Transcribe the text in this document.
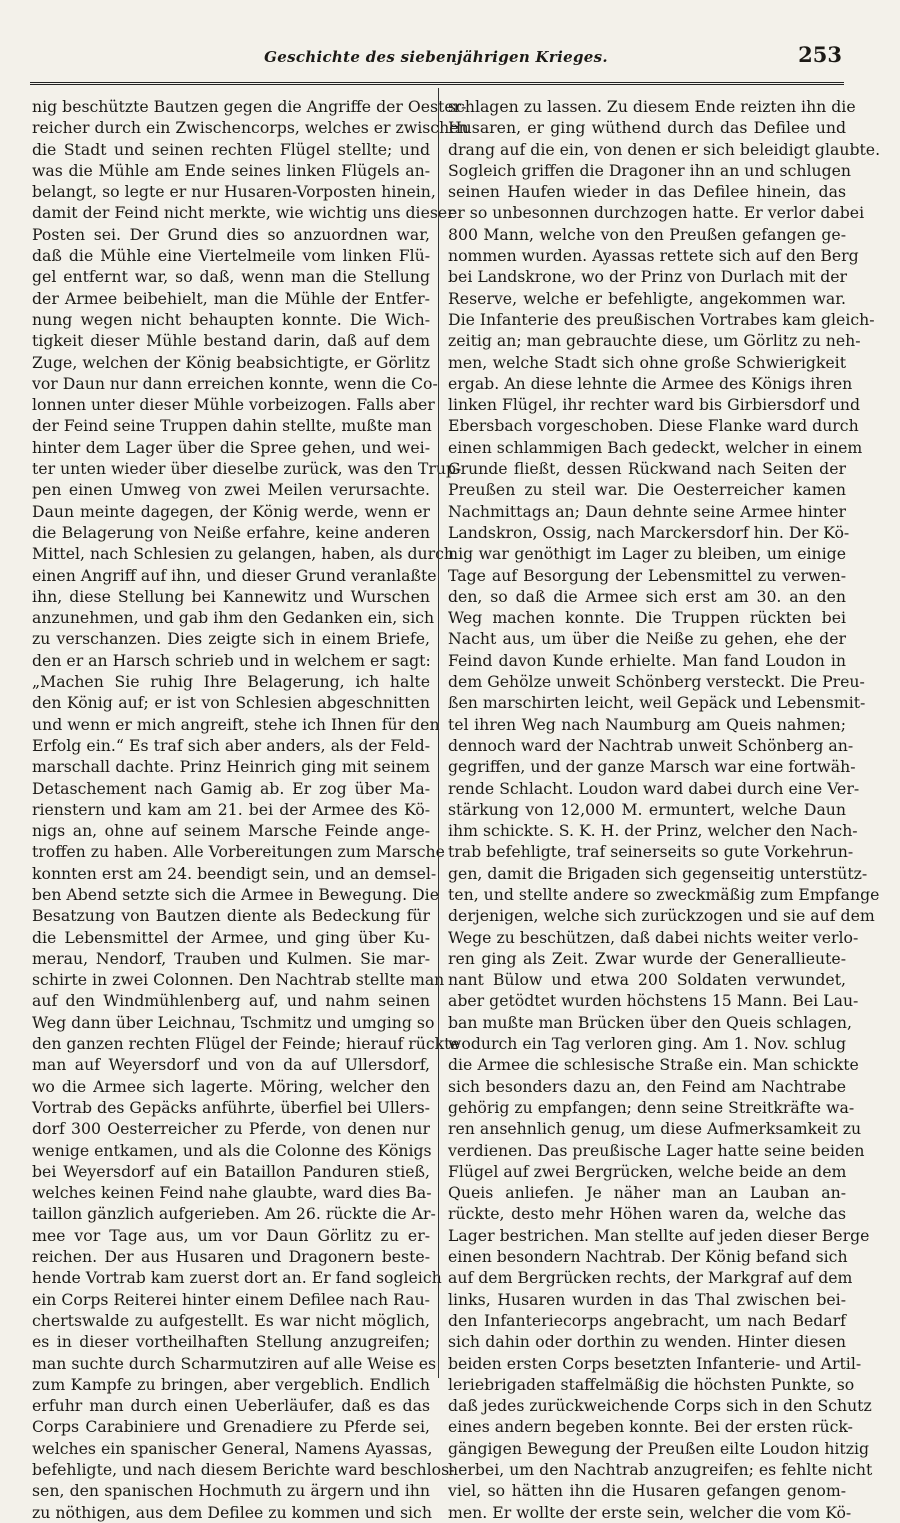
Geschichte des siebenjährigen Krieges.	253
nig beschützte Bautzen gegen die Angriffe der Oester-
reicher durch ein Zwischencorps, welches er zwischen
die Stadt und seinen rechten Flügel stellte; und
was die Mühle am Ende seines linken Flügels an-
belangt, so legte er nur Husaren-Vorposten hinein,
damit der Feind nicht merkte, wie wichtig uns dieser
Posten sei. Der Grund dies so anzuordnen war,
daß die Mühle eine Viertelmeile vom linken Flü-
gel entfernt war, so daß, wenn man die Stellung
der Armee beibehielt, man die Mühle der Entfer-
nung wegen nicht behaupten konnte. Die Wich-
tigkeit dieser Mühle bestand darin, daß auf dem
Zuge, welchen der König beabsichtigte, er Görlitz
vor Daun nur dann erreichen konnte, wenn die Co-
lonnen unter dieser Mühle vorbeizogen. Falls aber
der Feind seine Truppen dahin stellte, mußte man
hinter dem Lager über die Spree gehen, und wei-
ter unten wieder über dieselbe zurück, was den Trup-
pen einen Umweg von zwei Meilen verursachte.
Daun meinte dagegen, der König werde, wenn er
die Belagerung von Neiße erfahre, keine anderen
Mittel, nach Schlesien zu gelangen, haben, als durch
einen Angriff auf ihn, und dieser Grund veranlaßte
ihn, diese Stellung bei Kannewitz und Wurschen
anzunehmen, und gab ihm den Gedanken ein, sich
zu verschanzen. Dies zeigte sich in einem Briefe,
den er an Harsch schrieb und in welchem er sagt:
„Machen Sie ruhig Ihre Belagerung, ich halte
den König auf; er ist von Schlesien abgeschnitten
und wenn er mich angreift, stehe ich Ihnen für den
Erfolg ein.“ Es traf sich aber anders, als der Feld-
marschall dachte. Prinz Heinrich ging mit seinem
Detaschement nach Gamig ab. Er zog über Ma-
rienstern und kam am 21. bei der Armee des Kö-
nigs an, ohne auf seinem Marsche Feinde ange-
troffen zu haben. Alle Vorbereitungen zum Marsche
konnten erst am 24. beendigt sein, und an demsel-
ben Abend setzte sich die Armee in Bewegung. Die
Besatzung von Bautzen diente als Bedeckung für
die Lebensmittel der Armee, und ging über Ku-
merau, Nendorf, Trauben und Kulmen. Sie mar-
schirte in zwei Colonnen. Den Nachtrab stellte man
auf den Windmühlenberg auf, und nahm seinen
Weg dann über Leichnau, Tschmitz und umging so
den ganzen rechten Flügel der Feinde; hierauf rückte
man auf Weyersdorf und von da auf Ullersdorf,
wo die Armee sich lagerte. Möring, welcher den
Vortrab des Gepäcks anführte, überfiel bei Ullers-
dorf 300 Oesterreicher zu Pferde, von denen nur
wenige entkamen, und als die Colonne des Königs
bei Weyersdorf auf ein Bataillon Panduren stieß,
welches keinen Feind nahe glaubte, ward dies Ba-
taillon gänzlich aufgerieben. Am 26. rückte die Ar-
mee vor Tage aus, um vor Daun Görlitz zu er-
reichen. Der aus Husaren und Dragonern beste-
hende Vortrab kam zuerst dort an. Er fand sogleich
ein Corps Reiterei hinter einem Defilee nach Rau-
chertswalde zu aufgestellt. Es war nicht möglich,
es in dieser vortheilhaften Stellung anzugreifen;
man suchte durch Scharmutziren auf alle Weise es
zum Kampfe zu bringen, aber vergeblich. Endlich
erfuhr man durch einen Ueberläufer, daß es das
Corps Carabiniere und Grenadiere zu Pferde sei,
welches ein spanischer General, Namens Ayassas,
befehligte, und nach diesem Berichte ward beschlos-
sen, den spanischen Hochmuth zu ärgern und ihn
zu nöthigen, aus dem Defilee zu kommen und sich
schlagen zu lassen. Zu diesem Ende reizten ihn die
Husaren, er ging wüthend durch das Defilee und
drang auf die ein, von denen er sich beleidigt glaubte.
Sogleich griffen die Dragoner ihn an und schlugen
seinen Haufen wieder in das Defilee hinein, das
er so unbesonnen durchzogen hatte. Er verlor dabei
800 Mann, welche von den Preußen gefangen ge-
nommen wurden. Ayassas rettete sich auf den Berg
bei Landskrone, wo der Prinz von Durlach mit der
Reserve, welche er befehligte, angekommen war.
Die Infanterie des preußischen Vortrabes kam gleich-
zeitig an; man gebrauchte diese, um Görlitz zu neh-
men, welche Stadt sich ohne große Schwierigkeit
ergab. An diese lehnte die Armee des Königs ihren
linken Flügel, ihr rechter ward bis Girbiersdorf und
Ebersbach vorgeschoben. Diese Flanke ward durch
einen schlammigen Bach gedeckt, welcher in einem
Grunde fließt, dessen Rückwand nach Seiten der
Preußen zu steil war. Die Oesterreicher kamen
Nachmittags an; Daun dehnte seine Armee hinter
Landskron, Ossig, nach Marckersdorf hin. Der Kö-
nig war genöthigt im Lager zu bleiben, um einige
Tage auf Besorgung der Lebensmittel zu verwen-
den, so daß die Armee sich erst am 30. an den
Weg machen konnte. Die Truppen rückten bei
Nacht aus, um über die Neiße zu gehen, ehe der
Feind davon Kunde erhielte. Man fand Loudon in
dem Gehölze unweit Schönberg versteckt. Die Preu-
ßen marschirten leicht, weil Gepäck und Lebensmit-
tel ihren Weg nach Naumburg am Queis nahmen;
dennoch ward der Nachtrab unweit Schönberg an-
gegriffen, und der ganze Marsch war eine fortwäh-
rende Schlacht. Loudon ward dabei durch eine Ver-
stärkung von 12,000 M. ermuntert, welche Daun
ihm schickte. S. K. H. der Prinz, welcher den Nach-
trab befehligte, traf seinerseits so gute Vorkehrun-
gen, damit die Brigaden sich gegenseitig unterstütz-
ten, und stellte andere so zweckmäßig zum Empfange
derjenigen, welche sich zurückzogen und sie auf dem
Wege zu beschützen, daß dabei nichts weiter verlo-
ren ging als Zeit. Zwar wurde der Generallieute-
nant Bülow und etwa 200 Soldaten verwundet,
aber getödtet wurden höchstens 15 Mann. Bei Lau-
ban mußte man Brücken über den Queis schlagen,
wodurch ein Tag verloren ging. Am 1. Nov. schlug
die Armee die schlesische Straße ein. Man schickte
sich besonders dazu an, den Feind am Nachtrabe
gehörig zu empfangen; denn seine Streitkräfte wa-
ren ansehnlich genug, um diese Aufmerksamkeit zu
verdienen. Das preußische Lager hatte seine beiden
Flügel auf zwei Bergrücken, welche beide an dem
Queis anliefen. Je näher man an Lauban an-
rückte, desto mehr Höhen waren da, welche das
Lager bestrichen. Man stellte auf jeden dieser Berge
einen besondern Nachtrab. Der König befand sich
auf dem Bergrücken rechts, der Markgraf auf dem
links, Husaren wurden in das Thal zwischen bei-
den Infanteriecorps angebracht, um nach Bedarf
sich dahin oder dorthin zu wenden. Hinter diesen
beiden ersten Corps besetzten Infanterie- und Artil-
leriebrigaden staffelmäßig die höchsten Punkte, so
daß jedes zurückweichende Corps sich in den Schutz
eines andern begeben konnte. Bei der ersten rück-
gängigen Bewegung der Preußen eilte Loudon hitzig
herbei, um den Nachtrab anzugreifen; es fehlte nicht
viel, so hätten ihn die Husaren gefangen genom-
men. Er wollte der erste sein, welcher die vom Kö-
